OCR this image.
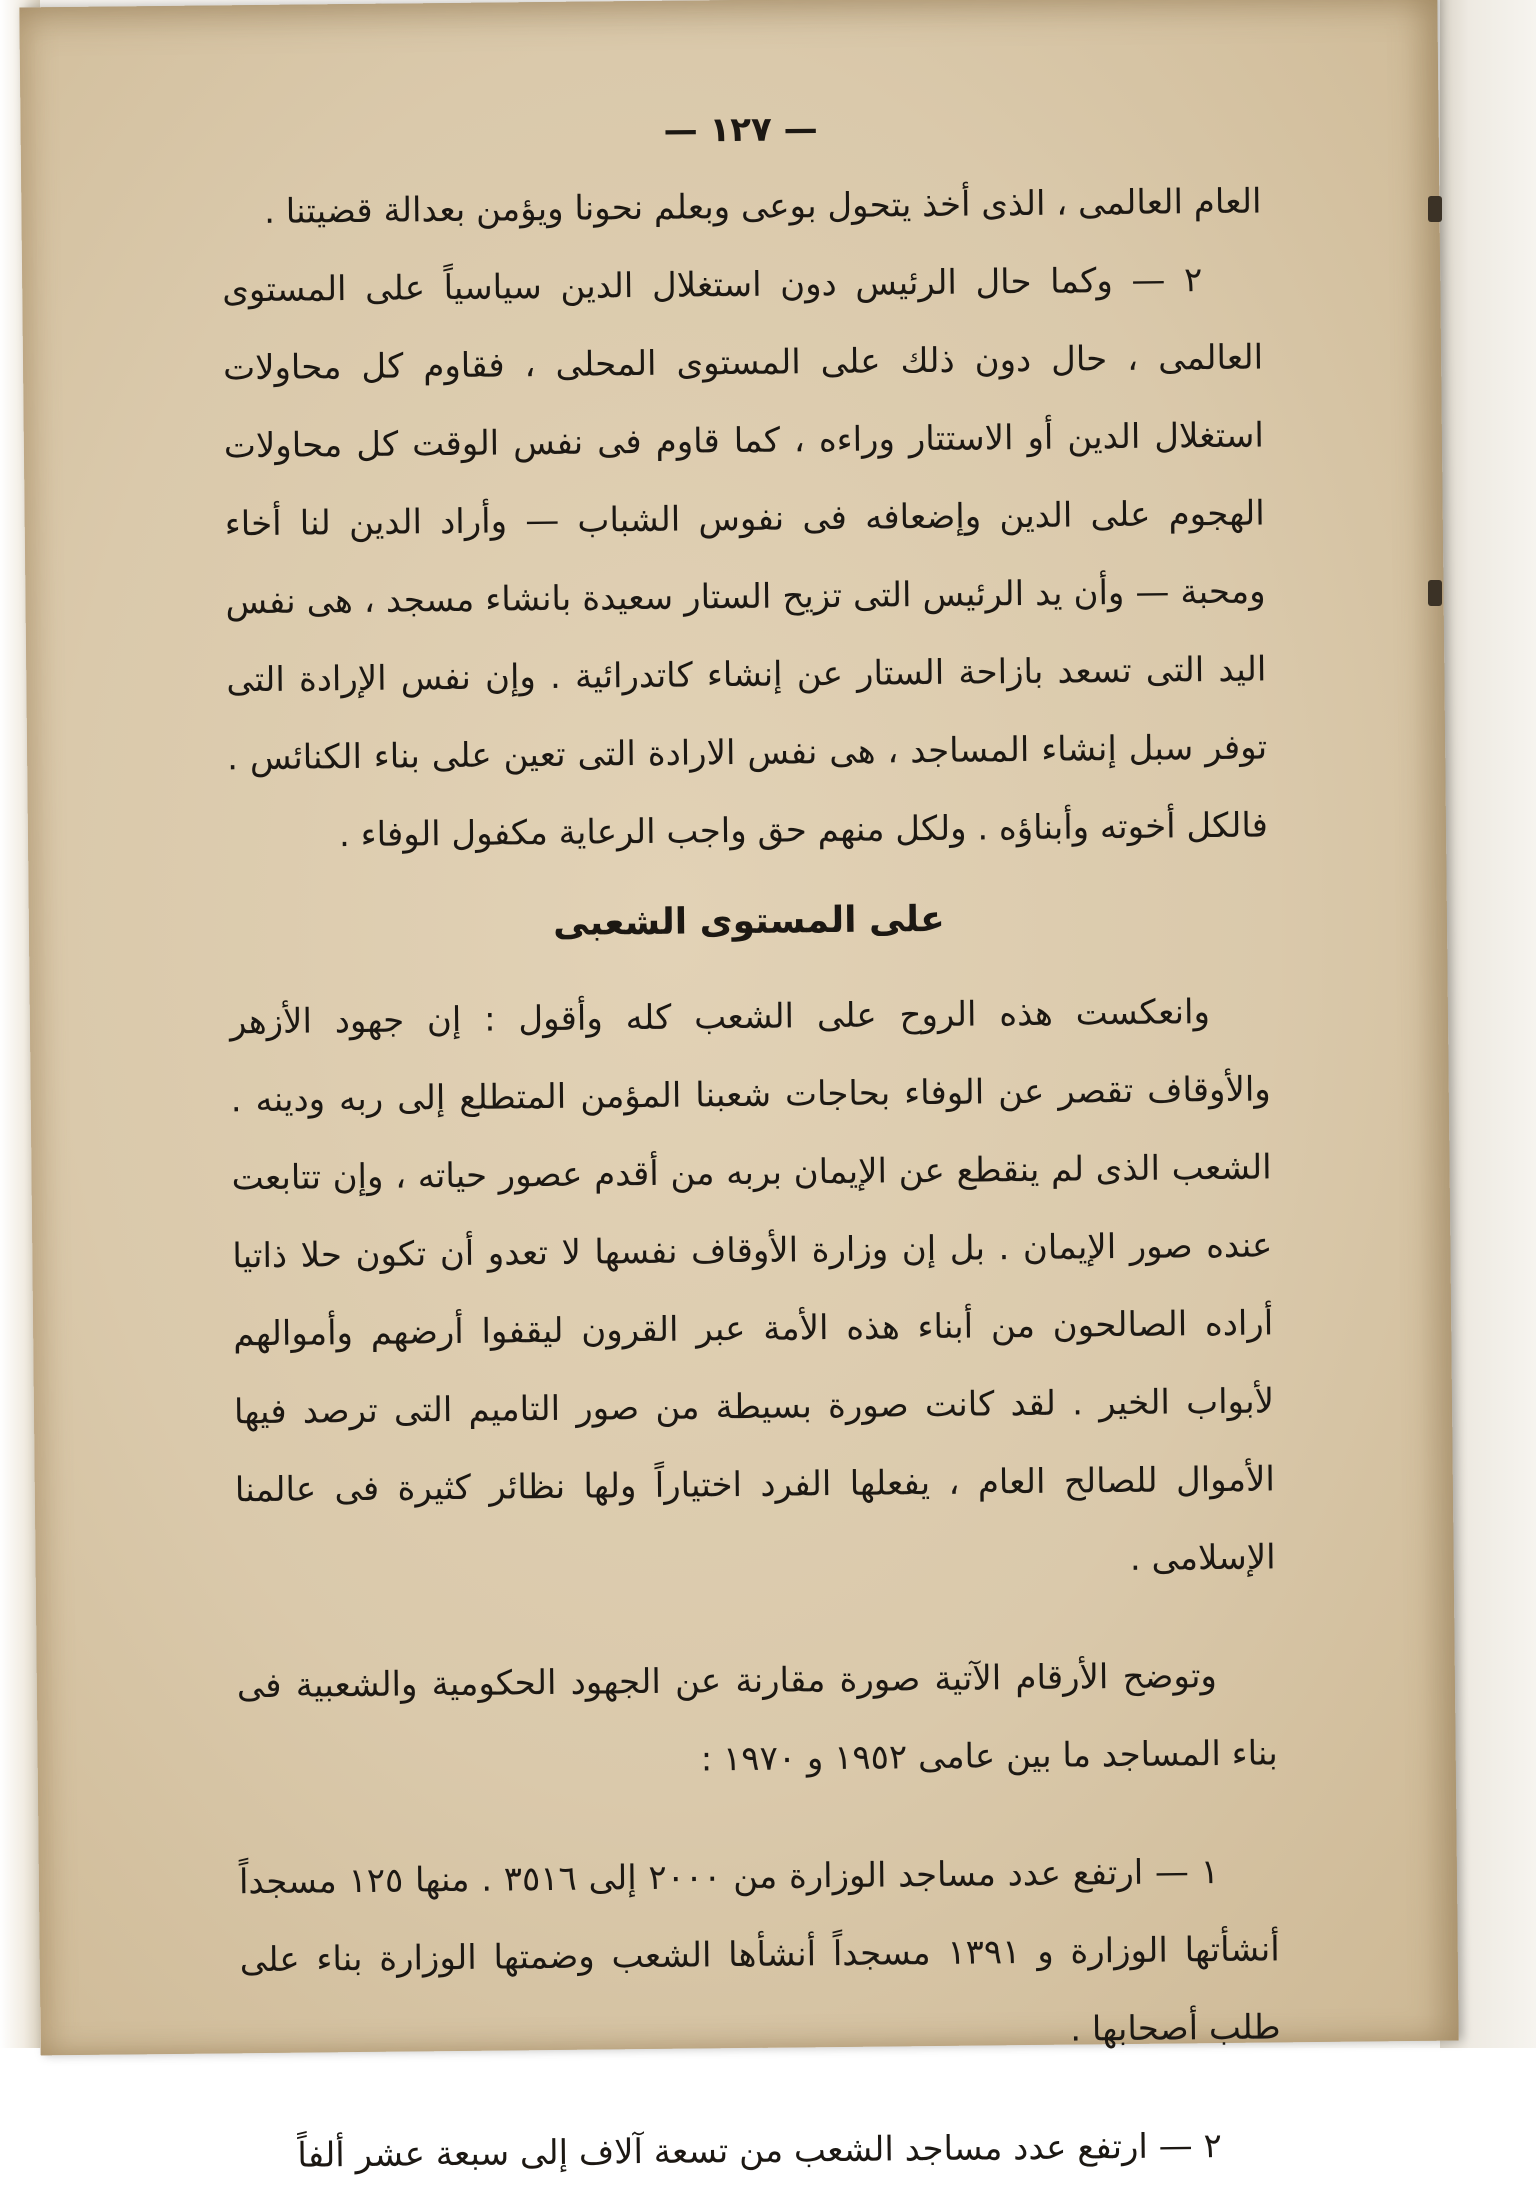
— ١٢٧ —

العام العالمى ، الذى أخذ يتحول بوعى وبعلم نحونا ويؤمن بعدالة قضيتنا .

٢ — وكما حال الرئيس دون استغلال الدين سياسياً على المستوى العالمى ، حال دون ذلك على المستوى المحلى ، فقاوم كل محاولات استغلال الدين أو الاستتار وراءه ، كما قاوم فى نفس الوقت كل محاولات الهجوم على الدين وإضعافه فى نفوس الشباب — وأراد الدين لنا أخاء ومحبة — وأن يد الرئيس التى تزيح الستار سعيدة بانشاء مسجد ، هى نفس اليد التى تسعد بازاحة الستار عن إنشاء كاتدرائية . وإن نفس الإرادة التى توفر سبل إنشاء المساجد ، هى نفس الارادة التى تعين على بناء الكنائس . فالكل أخوته وأبناؤه . ولكل منهم حق واجب الرعاية مكفول الوفاء .

على المستوى الشعبى

وانعكست هذه الروح على الشعب كله وأقول : إن جهود الأزهر والأوقاف تقصر عن الوفاء بحاجات شعبنا المؤمن المتطلع إلى ربه ودينه . الشعب الذى لم ينقطع عن الإيمان بربه من أقدم عصور حياته ، وإن تتابعت عنده صور الإيمان . بل إن وزارة الأوقاف نفسها لا تعدو أن تكون حلا ذاتيا أراده الصالحون من أبناء هذه الأمة عبر القرون ليقفوا أرضهم وأموالهم لأبواب الخير . لقد كانت صورة بسيطة من صور التاميم التى ترصد فيها الأموال للصالح العام ، يفعلها الفرد اختياراً ولها نظائر كثيرة فى عالمنا الإسلامى .

وتوضح الأرقام الآتية صورة مقارنة عن الجهود الحكومية والشعبية فى بناء المساجد ما بين عامى ١٩٥٢ و ١٩٧٠ :

١ — ارتفع عدد مساجد الوزارة من ٢٠٠٠ إلى ٣٥١٦ . منها ١٢٥ مسجداً أنشأتها الوزارة و ١٣٩١ مسجداً أنشأها الشعب وضمتها الوزارة بناء على طلب أصحابها .

٢ — ارتفع عدد مساجد الشعب من تسعة آلاف إلى سبعة عشر ألفاً
